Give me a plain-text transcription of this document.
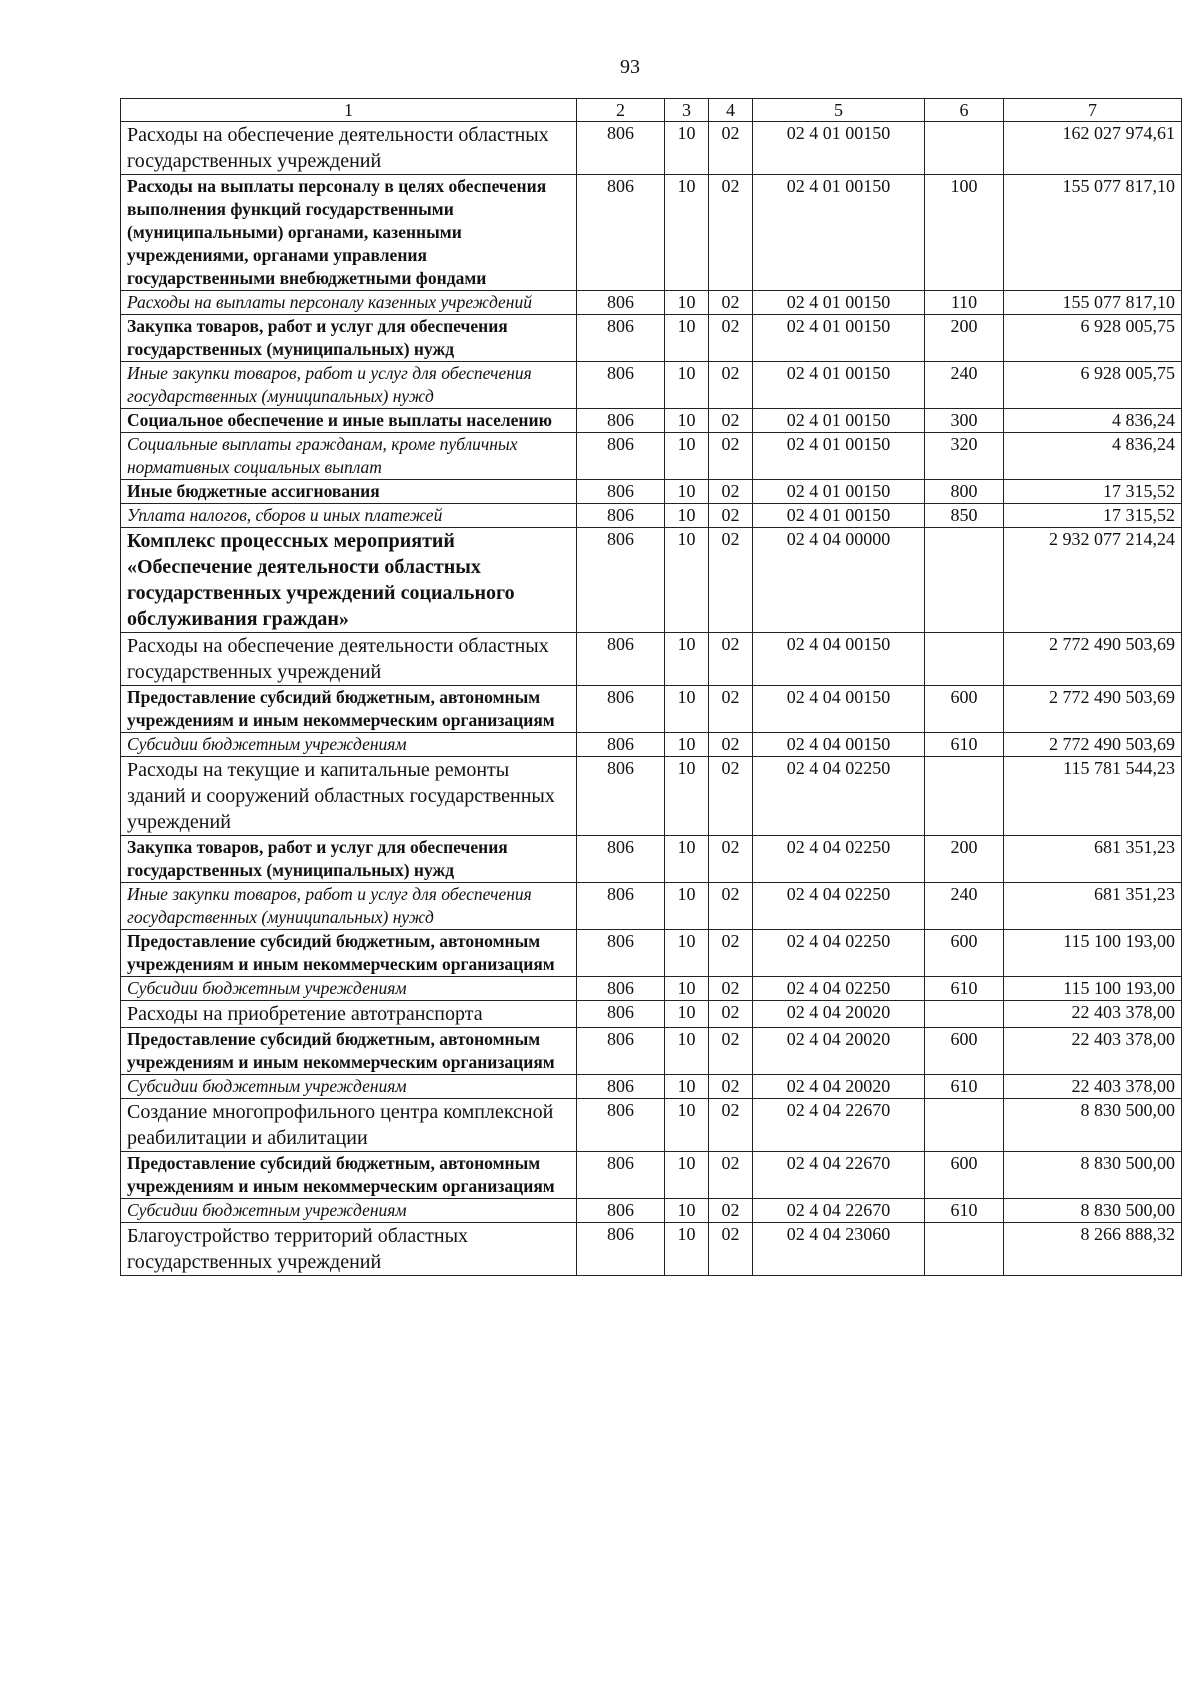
93
1	2	3	4	5	6	7
Расходы на обеспечение деятельности областных государственных учреждений	806	10	02	02 4 01 00150		162 027 974,61
Расходы на выплаты персоналу в целях обеспечения выполнения функций государственными (муниципальными) органами, казенными учреждениями, органами управления государственными внебюджетными фондами	806	10	02	02 4 01 00150	100	155 077 817,10
Расходы на выплаты персоналу казенных учреждений	806	10	02	02 4 01 00150	110	155 077 817,10
Закупка товаров, работ и услуг для обеспечения государственных (муниципальных) нужд	806	10	02	02 4 01 00150	200	6 928 005,75
Иные закупки товаров, работ и услуг для обеспечения государственных (муниципальных) нужд	806	10	02	02 4 01 00150	240	6 928 005,75
Социальное обеспечение и иные выплаты населению	806	10	02	02 4 01 00150	300	4 836,24
Социальные выплаты гражданам, кроме публичных нормативных социальных выплат	806	10	02	02 4 01 00150	320	4 836,24
Иные бюджетные ассигнования	806	10	02	02 4 01 00150	800	17 315,52
Уплата налогов, сборов и иных платежей	806	10	02	02 4 01 00150	850	17 315,52
Комплекс процессных мероприятий «Обеспечение деятельности областных государственных учреждений социального обслуживания граждан»	806	10	02	02 4 04 00000		2 932 077 214,24
Расходы на обеспечение деятельности областных государственных учреждений	806	10	02	02 4 04 00150		2 772 490 503,69
Предоставление субсидий бюджетным, автономным учреждениям и иным некоммерческим организациям	806	10	02	02 4 04 00150	600	2 772 490 503,69
Субсидии бюджетным учреждениям	806	10	02	02 4 04 00150	610	2 772 490 503,69
Расходы на текущие и капитальные ремонты зданий и сооружений областных государственных учреждений	806	10	02	02 4 04 02250		115 781 544,23
Закупка товаров, работ и услуг для обеспечения государственных (муниципальных) нужд	806	10	02	02 4 04 02250	200	681 351,23
Иные закупки товаров, работ и услуг для обеспечения государственных (муниципальных) нужд	806	10	02	02 4 04 02250	240	681 351,23
Предоставление субсидий бюджетным, автономным учреждениям и иным некоммерческим организациям	806	10	02	02 4 04 02250	600	115 100 193,00
Субсидии бюджетным учреждениям	806	10	02	02 4 04 02250	610	115 100 193,00
Расходы на приобретение автотранспорта	806	10	02	02 4 04 20020		22 403 378,00
Предоставление субсидий бюджетным, автономным учреждениям и иным некоммерческим организациям	806	10	02	02 4 04 20020	600	22 403 378,00
Субсидии бюджетным учреждениям	806	10	02	02 4 04 20020	610	22 403 378,00
Создание многопрофильного центра комплексной реабилитации и абилитации	806	10	02	02 4 04 22670		8 830 500,00
Предоставление субсидий бюджетным, автономным учреждениям и иным некоммерческим организациям	806	10	02	02 4 04 22670	600	8 830 500,00
Субсидии бюджетным учреждениям	806	10	02	02 4 04 22670	610	8 830 500,00
Благоустройство территорий областных государственных учреждений	806	10	02	02 4 04 23060		8 266 888,32
